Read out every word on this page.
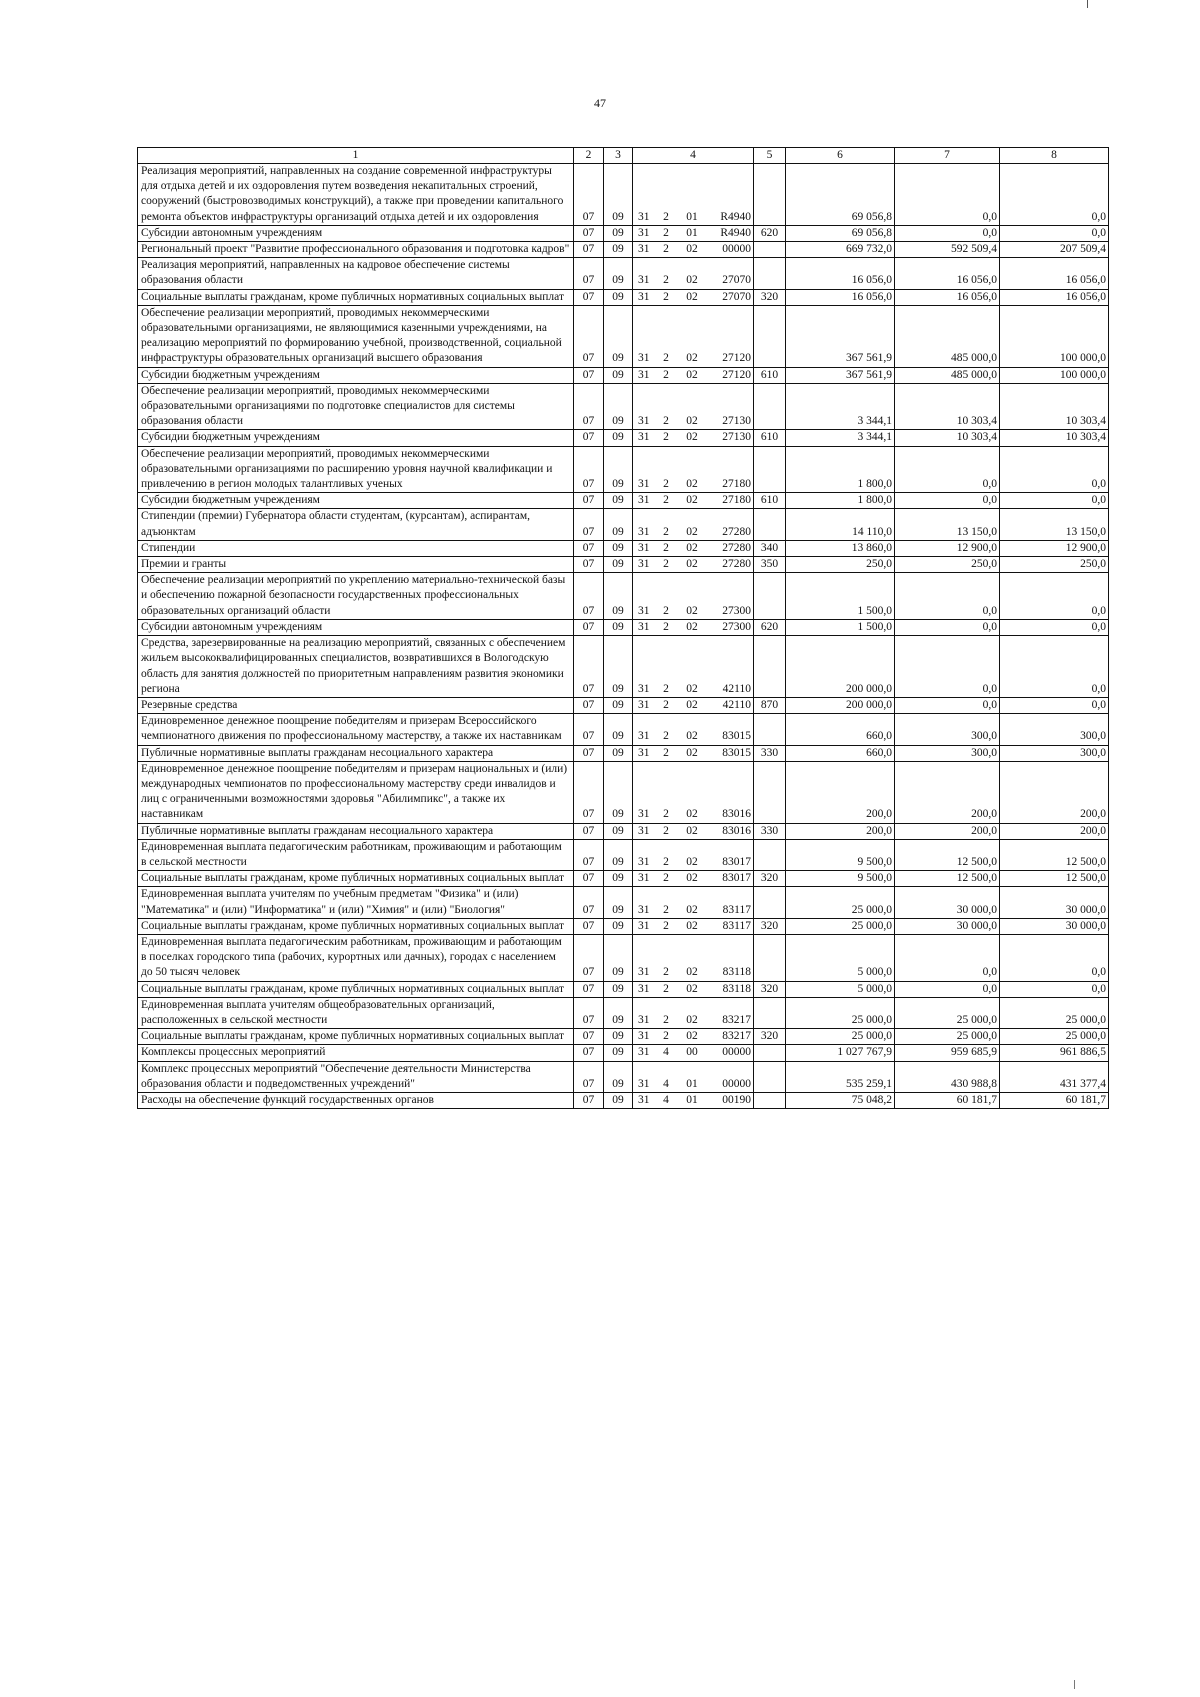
47
1	2	3	4				5	6	7	8
Реализация мероприятий, направленных на создание современной инфраструктуры для отдыха детей и их оздоровления путем возведения некапитальных строений, сооружений (быстровозводимых конструкций), а также при проведении капитального ремонта объектов инфраструктуры организаций отдыха детей и их оздоровления	07	09	31	2	01	R4940		69 056,8	0,0	0,0
Субсидии автономным учреждениям	07	09	31	2	01	R4940	620	69 056,8	0,0	0,0
Региональный проект "Развитие профессионального образования и подготовка кадров"	07	09	31	2	02	00000		669 732,0	592 509,4	207 509,4
Реализация мероприятий, направленных на кадровое обеспечение системы образования области	07	09	31	2	02	27070		16 056,0	16 056,0	16 056,0
Социальные выплаты гражданам, кроме публичных нормативных социальных выплат	07	09	31	2	02	27070	320	16 056,0	16 056,0	16 056,0
Обеспечение реализации мероприятий, проводимых некоммерческими образовательными организациями, не являющимися казенными учреждениями, на реализацию мероприятий по формированию учебной, производственной, социальной инфраструктуры образовательных организаций высшего образования	07	09	31	2	02	27120		367 561,9	485 000,0	100 000,0
Субсидии бюджетным учреждениям	07	09	31	2	02	27120	610	367 561,9	485 000,0	100 000,0
Обеспечение реализации мероприятий, проводимых некоммерческими образовательными организациями по подготовке специалистов для системы образования области	07	09	31	2	02	27130		3 344,1	10 303,4	10 303,4
Субсидии бюджетным учреждениям	07	09	31	2	02	27130	610	3 344,1	10 303,4	10 303,4
Обеспечение реализации мероприятий, проводимых некоммерческими образовательными организациями по расширению уровня научной квалификации и привлечению в регион молодых талантливых ученых	07	09	31	2	02	27180		1 800,0	0,0	0,0
Субсидии бюджетным учреждениям	07	09	31	2	02	27180	610	1 800,0	0,0	0,0
Стипендии (премии) Губернатора области студентам, (курсантам), аспирантам, адъюнктам	07	09	31	2	02	27280		14 110,0	13 150,0	13 150,0
Стипендии	07	09	31	2	02	27280	340	13 860,0	12 900,0	12 900,0
Премии и гранты	07	09	31	2	02	27280	350	250,0	250,0	250,0
Обеспечение реализации мероприятий по укреплению материально-технической базы и обеспечению пожарной безопасности государственных профессиональных образовательных организаций области	07	09	31	2	02	27300		1 500,0	0,0	0,0
Субсидии автономным учреждениям	07	09	31	2	02	27300	620	1 500,0	0,0	0,0
Средства, зарезервированные на реализацию мероприятий, связанных с обеспечением жильем высококвалифицированных специалистов, возвратившихся в Вологодскую область для занятия должностей по приоритетным направлениям развития экономики региона	07	09	31	2	02	42110		200 000,0	0,0	0,0
Резервные средства	07	09	31	2	02	42110	870	200 000,0	0,0	0,0
Единовременное денежное поощрение победителям и призерам Всероссийского чемпионатного движения по профессиональному мастерству, а также их наставникам	07	09	31	2	02	83015		660,0	300,0	300,0
Публичные нормативные выплаты гражданам несоциального характера	07	09	31	2	02	83015	330	660,0	300,0	300,0
Единовременное денежное поощрение победителям и призерам национальных и (или) международных чемпионатов по профессиональному мастерству среди инвалидов и лиц с ограниченными возможностями здоровья "Абилимпикс", а также их наставникам	07	09	31	2	02	83016		200,0	200,0	200,0
Публичные нормативные выплаты гражданам несоциального характера	07	09	31	2	02	83016	330	200,0	200,0	200,0
Единовременная выплата педагогическим работникам, проживающим и работающим в сельской местности	07	09	31	2	02	83017		9 500,0	12 500,0	12 500,0
Социальные выплаты гражданам, кроме публичных нормативных социальных выплат	07	09	31	2	02	83017	320	9 500,0	12 500,0	12 500,0
Единовременная выплата учителям по учебным предметам "Физика" и (или) "Математика" и (или) "Информатика" и (или) "Химия" и (или) "Биология"	07	09	31	2	02	83117		25 000,0	30 000,0	30 000,0
Социальные выплаты гражданам, кроме публичных нормативных социальных выплат	07	09	31	2	02	83117	320	25 000,0	30 000,0	30 000,0
Единовременная выплата педагогическим работникам, проживающим и работающим в поселках городского типа (рабочих, курортных или дачных), городах с населением до 50 тысяч человек	07	09	31	2	02	83118		5 000,0	0,0	0,0
Социальные выплаты гражданам, кроме публичных нормативных социальных выплат	07	09	31	2	02	83118	320	5 000,0	0,0	0,0
Единовременная выплата учителям общеобразовательных организаций, расположенных в сельской местности	07	09	31	2	02	83217		25 000,0	25 000,0	25 000,0
Социальные выплаты гражданам, кроме публичных нормативных социальных выплат	07	09	31	2	02	83217	320	25 000,0	25 000,0	25 000,0
Комплексы процессных мероприятий	07	09	31	4	00	00000		1 027 767,9	959 685,9	961 886,5
Комплекс процессных мероприятий "Обеспечение деятельности Министерства образования области и подведомственных учреждений"	07	09	31	4	01	00000		535 259,1	430 988,8	431 377,4
Расходы на обеспечение функций государственных органов	07	09	31	4	01	00190		75 048,2	60 181,7	60 181,7
